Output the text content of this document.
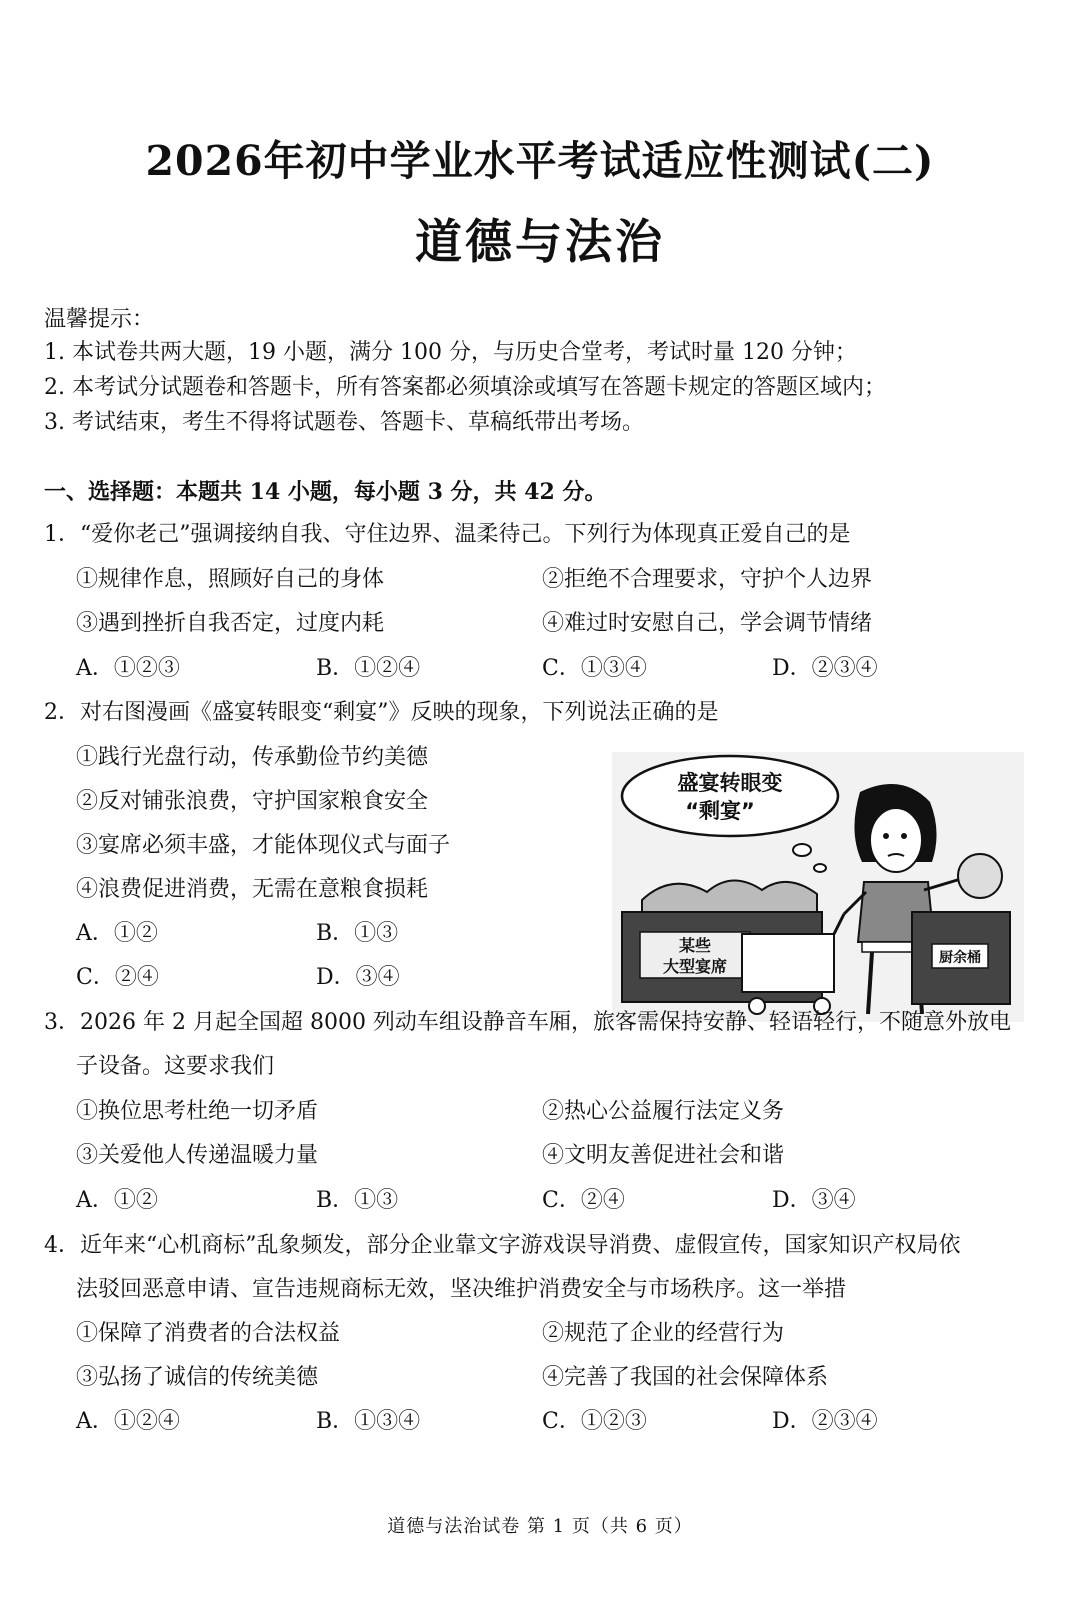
2026年初中学业水平考试适应性测试(二)
道德与法治
温馨提示：
1. 本试卷共两大题，19 小题，满分 100 分，与历史合堂考，考试时量 120 分钟；
2. 本考试分试题卷和答题卡，所有答案都必须填涂或填写在答题卡规定的答题区域内；
3. 考试结束，考生不得将试题卷、答题卡、草稿纸带出考场。
一、选择题：本题共 14 小题，每小题 3 分，共 42 分。
1．“爱你老己”强调接纳自我、守住边界、温柔待己。下列行为体现真正爱自己的是
①规律作息，照顾好自己的身体	②拒绝不合理要求，守护个人边界
③遇到挫折自我否定，过度内耗	④难过时安慰自己，学会调节情绪
A．①②③	B．①②④	C．①③④	D．②③④
2．对右图漫画《盛宴转眼变“剩宴”》反映的现象，下列说法正确的是
①践行光盘行动，传承勤俭节约美德
②反对铺张浪费，守护国家粮食安全
③宴席必须丰盛，才能体现仪式与面子
④浪费促进消费，无需在意粮食损耗
A．①②	B．①③
C．②④	D．③④
盛宴转眼变
“剩宴”
某些
大型宴席	厨余桶
3．2026 年 2 月起全国超 8000 列动车组设静音车厢，旅客需保持安静、轻语轻行，不随意外放电
子设备。这要求我们
①换位思考杜绝一切矛盾	②热心公益履行法定义务
③关爱他人传递温暖力量	④文明友善促进社会和谐
A．①②	B．①③	C．②④	D．③④
4．近年来“心机商标”乱象频发，部分企业靠文字游戏误导消费、虚假宣传，国家知识产权局依
法驳回恶意申请、宣告违规商标无效，坚决维护消费安全与市场秩序。这一举措
①保障了消费者的合法权益	②规范了企业的经营行为
③弘扬了诚信的传统美德	④完善了我国的社会保障体系
A．①②④	B．①③④	C．①②③	D．②③④
道德与法治试卷 第 1 页（共 6 页）
